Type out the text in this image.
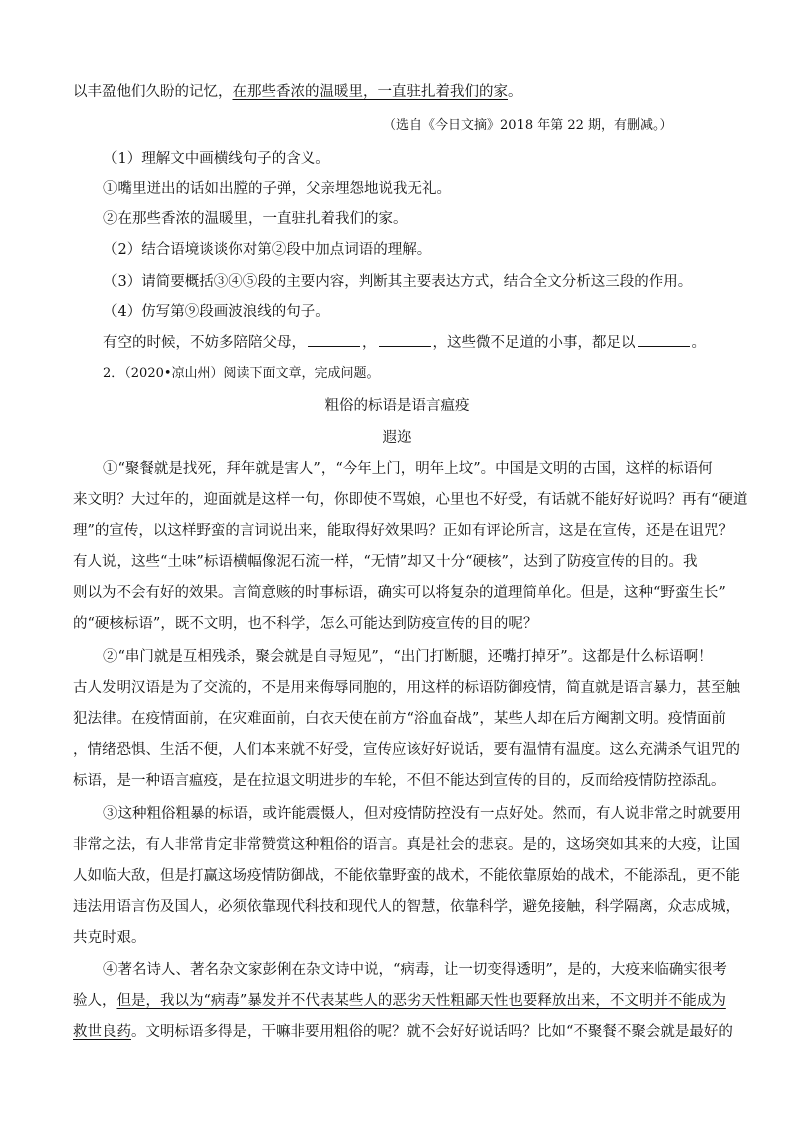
以丰盈他们久盼的记忆，在那些香浓的温暖里，一直驻扎着我们的家。
（选自《今日文摘》2018 年第 22 期，有删减。）
（1）理解文中画横线句子的含义。
①嘴里迸出的话如出膛的子弹，父亲埋怨地说我无礼。
②在那些香浓的温暖里，一直驻扎着我们的家。
（2）结合语境谈谈你对第②段中加点词语的理解。
（3）请简要概括③④⑤段的主要内容，判断其主要表达方式，结合全文分析这三段的作用。
（4）仿写第⑨段画波浪线的句子。
有空的时候，不妨多陪陪父母，	，	，这些微不足道的小事，都足以	。
2．（2020•凉山州）阅读下面文章，完成问题。
粗俗的标语是语言瘟疫
遐迩
①“聚餐就是找死，拜年就是害人”，“今年上门，明年上坟”。中国是文明的古国，这样的标语何
来文明？大过年的，迎面就是这样一句，你即使不骂娘，心里也不好受，有话就不能好好说吗？再有“硬道
理”的宣传，以这样野蛮的言词说出来，能取得好效果吗？正如有评论所言，这是在宣传，还是在诅咒？
有人说，这些“土味”标语横幅像泥石流一样，“无情”却又十分“硬核”，达到了防疫宣传的目的。我
则以为不会有好的效果。言简意赅的时事标语，确实可以将复杂的道理简单化。但是，这种“野蛮生长”
的“硬核标语”，既不文明，也不科学，怎么可能达到防疫宣传的目的呢？
②“串门就是互相残杀，聚会就是自寻短见”，“出门打断腿，还嘴打掉牙”。这都是什么标语啊！
古人发明汉语是为了交流的，不是用来侮辱同胞的，用这样的标语防御疫情，简直就是语言暴力，甚至触
犯法律。在疫情面前，在灾难面前，白衣天使在前方“浴血奋战”，某些人却在后方阉割文明。疫情面前
，情绪恐惧、生活不便，人们本来就不好受，宣传应该好好说话，要有温情有温度。这么充满杀气诅咒的
标语，是一种语言瘟疫，是在拉退文明进步的车轮，不但不能达到宣传的目的，反而给疫情防控添乱。
③这种粗俗粗暴的标语，或许能震慑人，但对疫情防控没有一点好处。然而，有人说非常之时就要用
非常之法，有人非常肯定非常赞赏这种粗俗的语言。真是社会的悲哀。是的，这场突如其来的大疫，让国
人如临大敌，但是打赢这场疫情防御战，不能依靠野蛮的战术，不能依靠原始的战术，不能添乱，更不能
违法用语言伤及国人，必须依靠现代科技和现代人的智慧，依靠科学，避免接触，科学隔离，众志成城，
共克时艰。
④著名诗人、著名杂文家彭俐在杂文诗中说，“病毒，让一切变得透明”，是的，大疫来临确实很考
验人，但是，我以为“病毒”暴发并不代表某些人的恶劣天性粗鄙天性也要释放出来，不文明并不能成为
救世良药。文明标语多得是，干嘛非要用粗俗的呢？就不会好好说话吗？比如“不聚餐不聚会就是最好的
